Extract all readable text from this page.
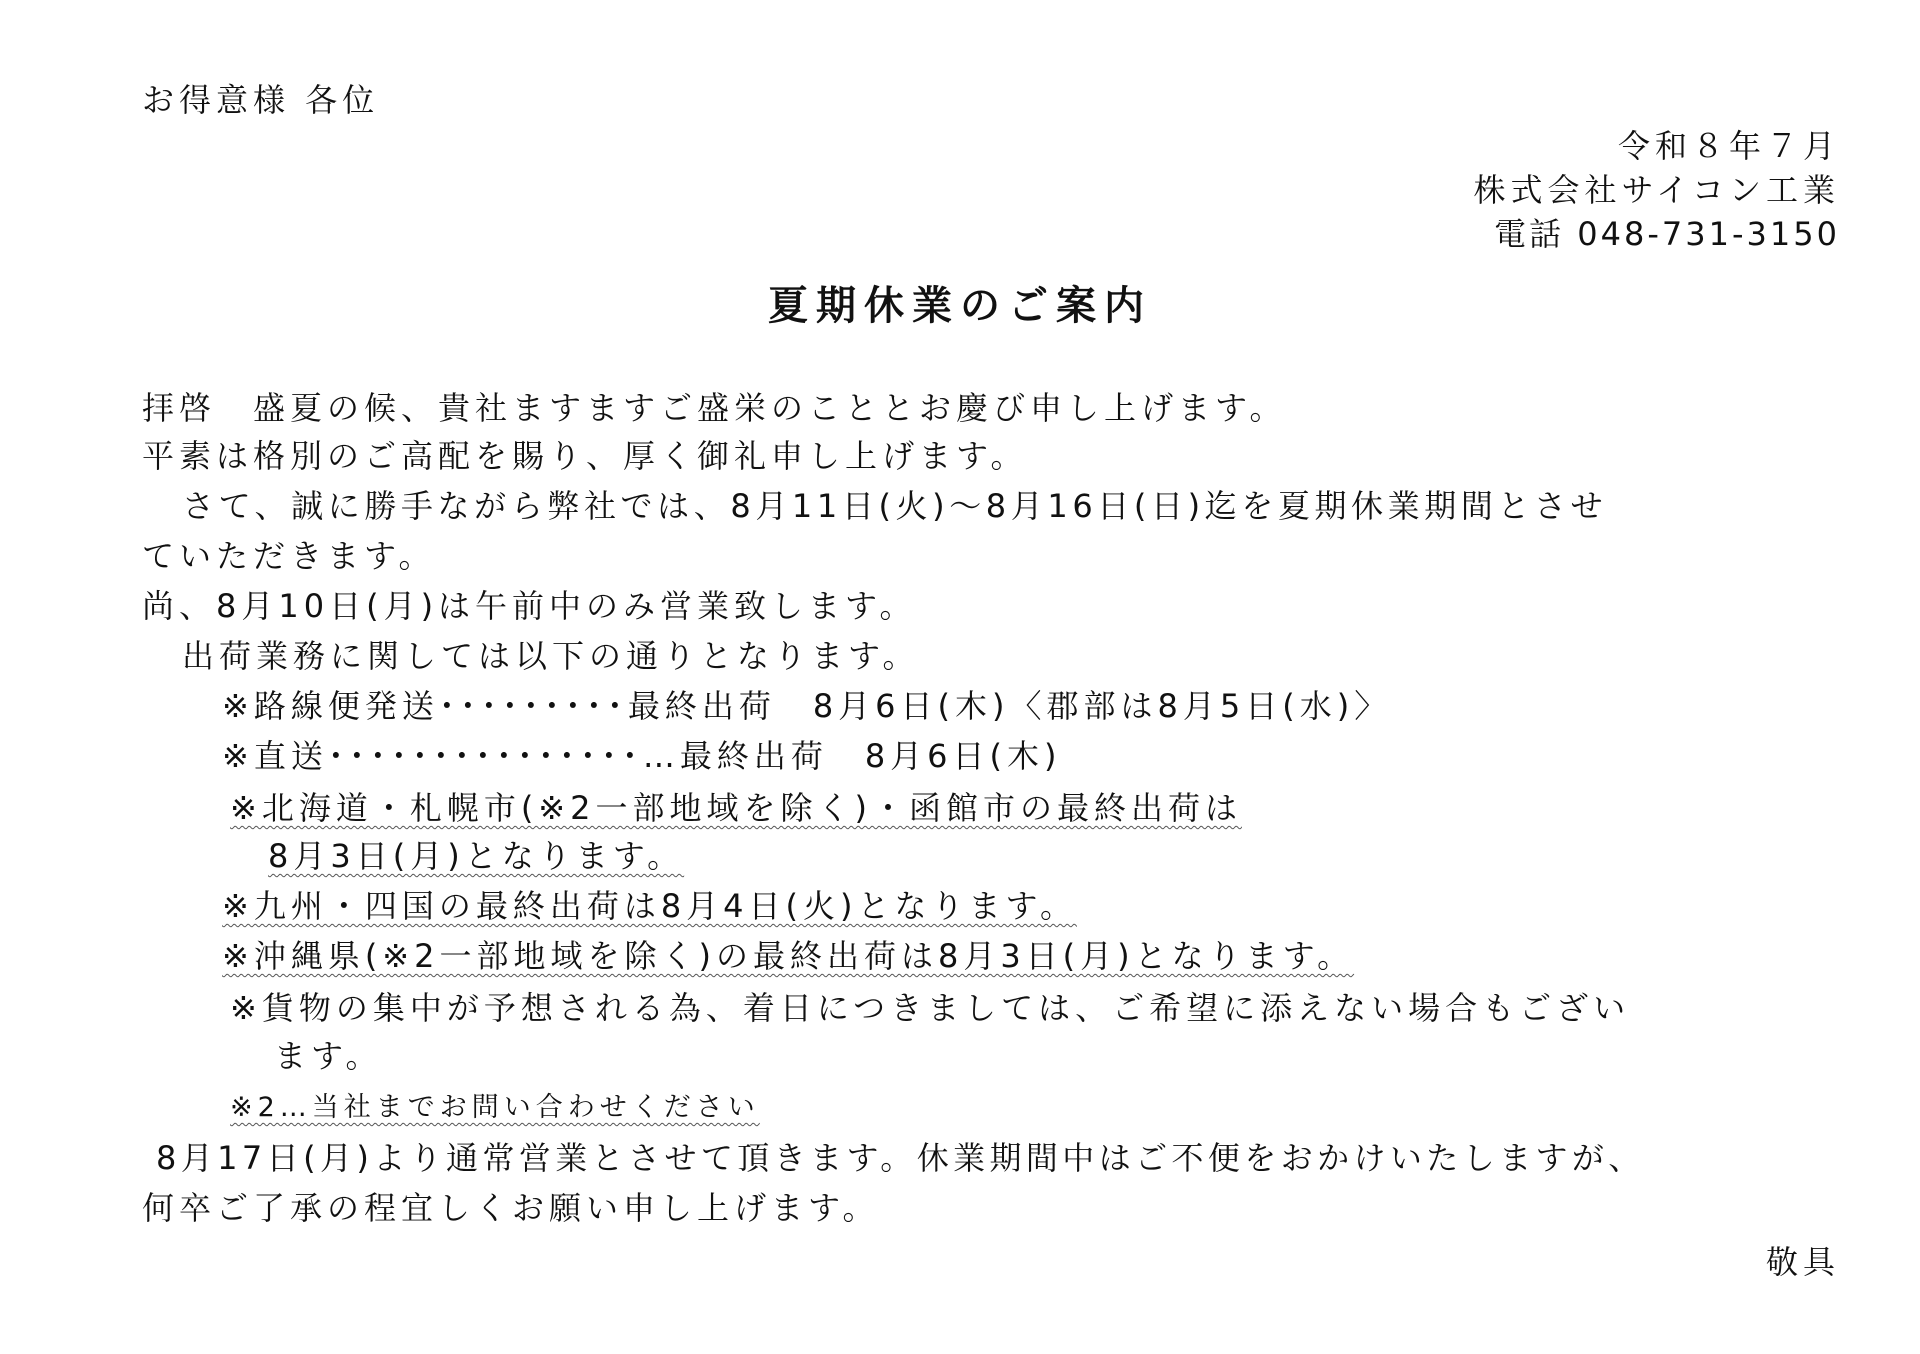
お得意様 各位
令和８年７月
株式会社サイコン工業
電話 048-731-3150
夏期休業のご案内
拝啓　盛夏の候、貴社ますますご盛栄のこととお慶び申し上げます。
平素は格別のご高配を賜り、厚く御礼申し上げます。
さて、誠に勝手ながら弊社では、8月11日(火)～8月16日(日)迄を夏期休業期間とさせ
ていただきます。
尚、8月10日(月)は午前中のみ営業致します。
出荷業務に関しては以下の通りとなります。
※路線便発送･････････最終出荷　8月6日(木)〈郡部は8月5日(水)〉
※直送･･･････････････…最終出荷　8月6日(木)
※北海道・札幌市(※2一部地域を除く)・函館市の最終出荷は
8月3日(月)となります。
※九州・四国の最終出荷は8月4日(火)となります。
※沖縄県(※2一部地域を除く)の最終出荷は8月3日(月)となります。
※貨物の集中が予想される為、着日につきましては、ご希望に添えない場合もござい
ます。
※2…当社までお問い合わせください
8月17日(月)より通常営業とさせて頂きます。休業期間中はご不便をおかけいたしますが、
何卒ご了承の程宜しくお願い申し上げます。
敬具
